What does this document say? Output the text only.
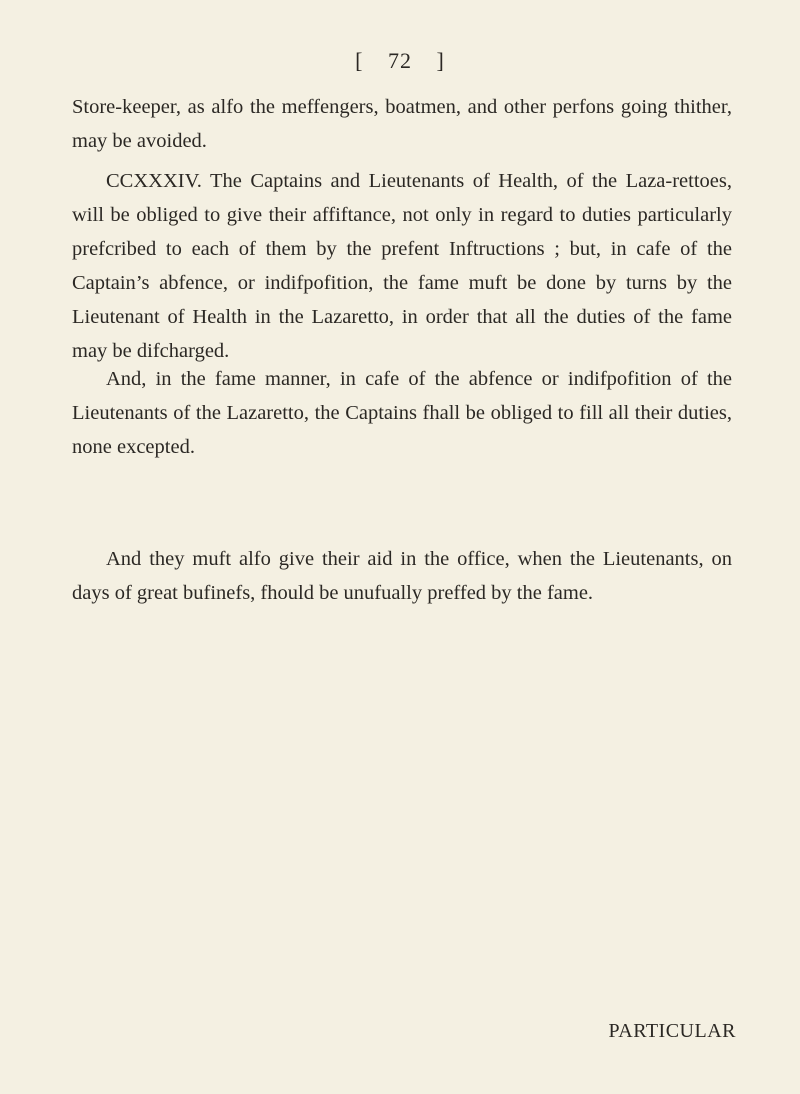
[ 72 ]

Store-keeper, as alfo the meffengers, boatmen, and other perfons going thither, may be avoided.

CCXXXIV. The Captains and Lieutenants of Health, of the Laza-rettoes, will be obliged to give their affiftance, not only in regard to duties particularly prefcribed to each of them by the prefent Inftructions ; but, in cafe of the Captain’s abfence, or indifpofition, the fame muft be done by turns by the Lieutenant of Health in the Lazaretto, in order that all the duties of the fame may be difcharged.

And, in the fame manner, in cafe of the abfence or indifpofition of the Lieutenants of the Lazaretto, the Captains fhall be obliged to fill all their duties, none excepted.

And they muft alfo give their aid in the office, when the Lieutenants, on days of great bufinefs, fhould be unufually preffed by the fame.

PARTICULAR
